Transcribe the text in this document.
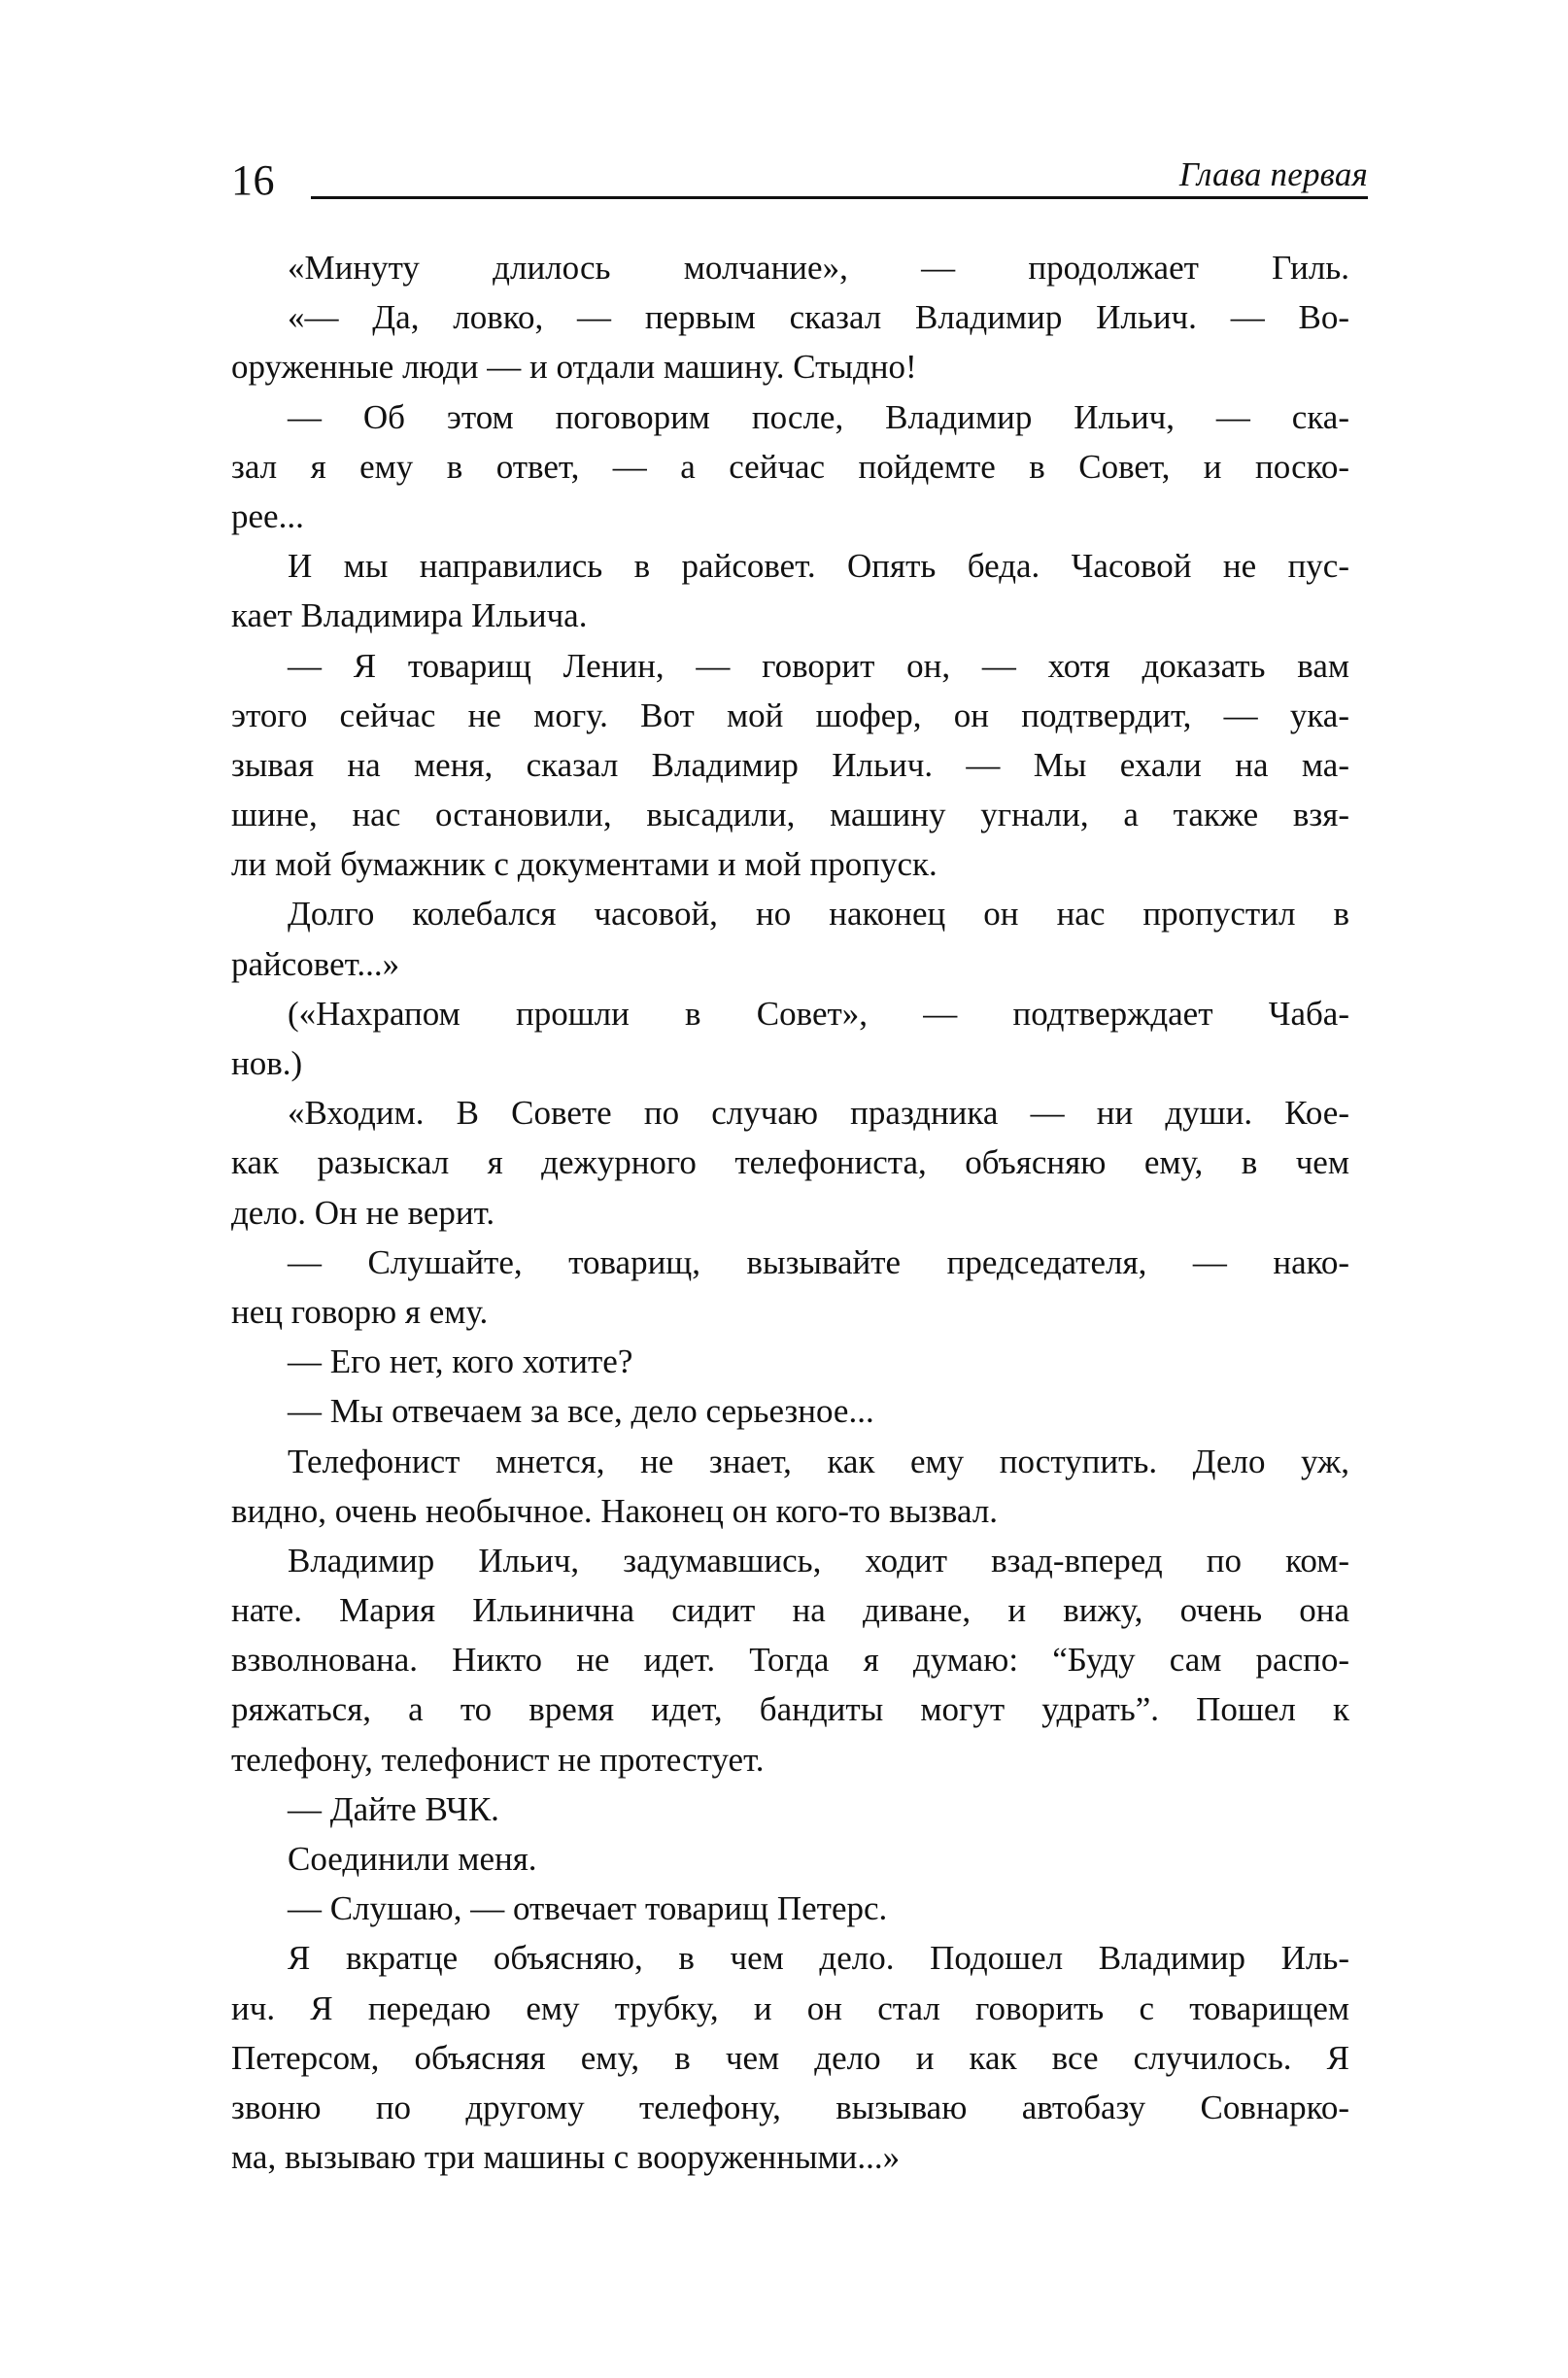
16	Глава первая
«Минуту длилось молчание», — продолжает Гиль.
«— Да, ловко, — первым сказал Владимир Ильич. — Во-
оруженные люди — и отдали машину. Стыдно!
— Об этом поговорим после, Владимир Ильич, — ска-
зал я ему в ответ, — а сейчас пойдемте в Совет, и поско-
рее...
И мы направились в райсовет. Опять беда. Часовой не пус-
кает Владимира Ильича.
— Я товарищ Ленин, — говорит он, — хотя доказать вам
этого сейчас не могу. Вот мой шофер, он подтвердит, — ука-
зывая на меня, сказал Владимир Ильич. — Мы ехали на ма-
шине, нас остановили, высадили, машину угнали, а также взя-
ли мой бумажник с документами и мой пропуск.
Долго колебался часовой, но наконец он нас пропустил в
райсовет...»
(«Нахрапом прошли в Совет», — подтверждает Чаба-
нов.)
«Входим. В Совете по случаю праздника — ни души. Кое-
как разыскал я дежурного телефониста, объясняю ему, в чем
дело. Он не верит.
— Слушайте, товарищ, вызывайте председателя, — нако-
нец говорю я ему.
— Его нет, кого хотите?
— Мы отвечаем за все, дело серьезное...
Телефонист мнется, не знает, как ему поступить. Дело уж,
видно, очень необычное. Наконец он кого-то вызвал.
Владимир Ильич, задумавшись, ходит взад-вперед по ком-
нате. Мария Ильинична сидит на диване, и вижу, очень она
взволнована. Никто не идет. Тогда я думаю: “Буду сам распо-
ряжаться, а то время идет, бандиты могут удрать”. Пошел к
телефону, телефонист не протестует.
— Дайте ВЧК.
Соединили меня.
— Слушаю, — отвечает товарищ Петерс.
Я вкратце объясняю, в чем дело. Подошел Владимир Иль-
ич. Я передаю ему трубку, и он стал говорить с товарищем
Петерсом, объясняя ему, в чем дело и как все случилось. Я
звоню по другому телефону, вызываю автобазу Совнарко-
ма, вызываю три машины с вооруженными...»
